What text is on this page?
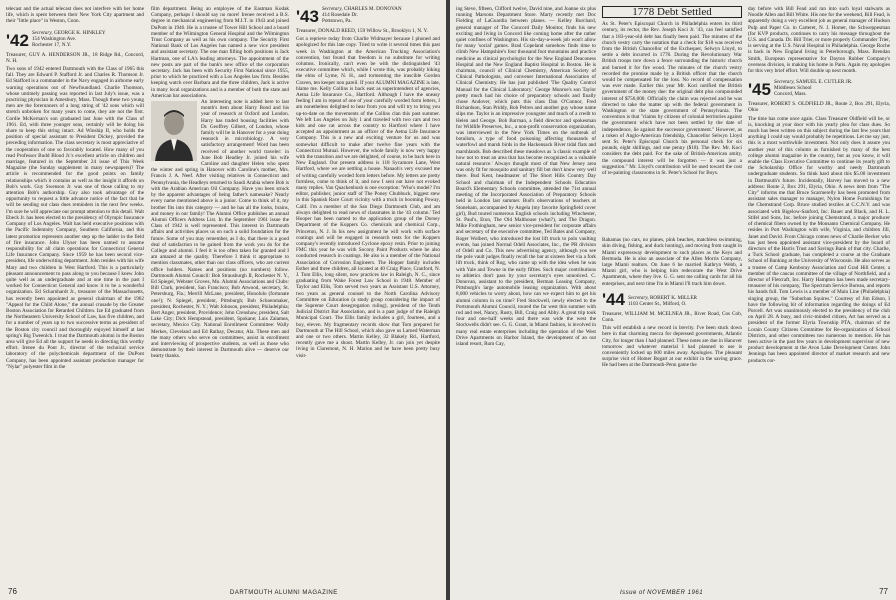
telecast and the actual telecast does not interfere with her home life, which is spent between their New York City apartment and their "little place" in Weston, Conn.
'42 Secretary, GEORGE K. HINKLEY
154 Washington Ave.
Rochester 17, N.Y.
Treasurer, GUY A. HENDERSON JR., 18 Ridge Rd., Concord, N. H.
Two sons of 1942 entered Dartmouth with the Class of 1965 this fall. They are Edward P. Stafford Jr. and Charles R. Thomson Jr. Ed Stafford is a commander in the Navy engaged in airborne early warning operations out of Newfoundland. Charlie Thomson, whose untimely passing was reported in last July's issue, was a practicing physician in Amesbury, Mass. Though these two young men are the forerunners of a long string of '42 sons which will stretch unbroken for many years to come, they are not the first. Cordie McKernan's son graduated last June with the Class of 1961. Ed, with three younger sons, certainly will be doing his share to keep this string intact. Ad Winship II, who holds the position of special assistant to President Dickey, provided the preceding information. The class secretary is most appreciative of the cooperation of one so favorably located. How many of you read Professor Budd Blood Jr.'s excellent article on children and marriage, featured in the September 24 issue of This Week Magazine (the Sunday supplement in many newspapers)? The article is recommended for the good points on family relationships which it contains as well as the insight it affords on Bob's work. Guy Swenson Jr. was one of those calling to my attention Bob's authorship. Guy also took advantage of the opportunity to request a little advance notice of the fact that he will be sending out class dues reminders in the next few weeks. I'm sure he will appreciate our prompt attention to this detail. Walt Ebeck Jr. has been elected to the presidency of Olympic Insurance Company of Los Angeles. Walt has held executive positions with the Pacific Indemnity Company, Southern California, and this latest promotion represents another step up the ladder in the field of fire insurance. John Ulyser has been named to assume responsibility for all claim operations for Connecticut General Life Insurance Company. Since 1959 he has been second vice-president, life underwriting department. John resides with his wife Mary and two children in West Hartford. This is a particularly pleasant announcement to pass along to you because I knew John quite well as an undergraduate and at one time in the past I worked for Connecticut General and know it to be a wonderful organization. Ed Scharnhardt Jr., treasurer of the Massachusetts, has recently been appointed as general chairman of the 1962 "Appeal for the Child Alone," the annual crusade by the Greater Boston Association for Retarded Children. Ize Ed graduated from the Northeastern University School of Law, has five children, and for a number of years up to two successive terms as president of the Boston city council and thoroughly enjoyed himself at last spring's Big Tweenlch. I trust the Dartmouth alumni in the Boston area will give Ed all the support he needs in directing this worthy effort. Irenee du Pont Jr., director of the technical service laboratory of the polychemicals department of the DuPont Company, has been appointed assistant production manager for "Nylar" polyester film in the
film department. Being an employee of the Eastman Kodak Company, perhaps I should say no more! Irenee received a B.S. degree in mechanical engineering from M.I.T. in 1943 and joined DuPont in 1946. He is a trustee of Tower Hill School and a board member of the Wilmington General Hospital and the Wilmington Trust Company as well as his own company. The Security First National Bank of Los Angeles has named a new vice president and assistant secretary. The one man filling both positions is Jack Hartman, one of LA's leading attorneys. The appointment of the new posts are part of the bank's new office of the corporation secretary. Jack has been with Security First National since 1955, prior to which he practiced with a Los Angeles law firm. Besides keeping watch over Barbara and the three children, Jack is active in many local organizations and is a member of both the state and American bar associations.
An interesting note is added here to last month's item about Harry Bond and his year of research at Oxford and London. Harry has traded housing facilities with Dr. Geoffrey Gilbert, of London, whose family will be in Hanover for a year doing research in microbiology. A very satisfactory arrangement! Word has been received of another world traveler: in June Bob Headley Jr. joined his wife Caroline and daughter Helen who spent the winter and spring in Hanover with Caroline's mother, Mrs. Francis J. A. Neef. After visiting relatives in Connecticut and Pennsylvania, the Headleys returned to Saudi Arabia where Bob is with the Arabian American Oil Company. Have you been struck by the apparent advantages of being father's namesake? Nearly every name mentioned above is a junior. Come to think of it, my brother fits into this category — and he has all the looks, brains, and money in our family! The Alumni Office publishes an annual Alumni Officers Address List. In the September 1961 issue the Class of 1942 is well represented. This interest in Dartmouth affairs and activities places us on such a solid foundation for the future. Some of you may remember, as I do, that there is a good deal of satisfaction to be gained from the work you do for the College and alumni. I feel it is too often taken for granted and I am amazed at the quality. Therefore I think it appropriate to mention classmates, other than our class officers, who are current office holders. Names and positions (no numbers) follow. Dartmouth Alumni Council: Bob Strausburgh II, Rochester N. Y., Ed Spiegel, Webster Groves, Mo. Alumni Associations and Clubs: Bill Clark, president, San Francisco; Bob Atwood, secretary, St. Petersburg, Fla.; Merrill McLane, president, Honolulu (fortunate one!); N. Spiegel, president, Pittsburgh; Bob Schoenmaker, president, Rochester, N. Y.; Walt Johnson, president, Philadelphia; Bert Anger, president, Providence; John Crenshaw, president, Salt Lake City; Dick Hempstead, president, Spokane; Luis Zalamea, secretary, Mexico City. National Enrollment Committee: Wally Merkes, Cleveland and Ed Rathay, Decatur, Ala. These men and the many others who serve on committees, assist in enrollment and interviewing of prospective students, as well as those who demonstrate by their interest in Dartmouth alive — deserve our hearty thanks.
'43 Secretary, CHARLES M. DONOVAN
414 Rosedale Dr.
Pottstown, Pa.
Treasurer, DONALD REED, 159 Willow St., Brooklyn 1, N. Y.
Got a reprieve today from Charlie Widmayer because I phoned and apologized for this late copy. Tried to write it several times this past week in Washington at the American Trucking Association's convention, but found that freedom is no substitute for writing columns. Ironically, can't even be with the distinguished '43 executive committee which, while I wrote this, was probably hiking the elms of Lyme, N. H., and tormenting the irascible Gordon Craven, ten keeper non pareil. If your ALUMNI MAGAZINE is late, blame me. Kelly Collins is back east as superintendent of agencies, Aetna Life Insurance Co., Hartford. Although I have the uneasy feeling I am in repeat of one of your carefully worded form letters, I am nonetheless delighted to hear from you and will try to bring you up-to-date on the movements of the Collins clan this past summer. We left Los Angeles on July 1 and traveled with two cars and two kids and one cat across the country to Hartford where I have accepted an appointment as an officer of the Aetna Life Insurance Company. This is a new and exciting venture for us and was somewhat difficult to make after twelve fine years with the Connecticut Mutual. However, the whole family is now very happy with the transition and we are delighted, of course, to be back here in New England. Our present address is 118 Sycamore Lane, West Hartford, where we are settling a house. Nanaoh's very excused me of writing carefully worded form letters before. My letters are pretty formless, come to think of it, and now I sent out have not evoked many replies. Van Quackenbush is one exception: 'Who's model? I'm editor, publisher, junior staff of The Poney Chubbuck, biggest stew in this Spanish Race Court vicinity with a truck in booming Poway, Calif. I'm a member of the San Diego Dartmouth Club, and am always delighted to read news of classmates in the '43 column.' Ted Hooper has been named to the application group of the Dorsey Department of the Koppers Co. chemicals and chemical Corp., Princeton, N. J. In his new assignment he will work with surface coatings and will be engaged in research tests for the Koppers company's recently introduced Cyclone epoxy resin. Prior to joining FMC this year he was with Socony Paint Products where he also conducted research in coatings. He also is a member of the National Association of Corrosion Engineers. The Hopper family includes Esther and three children, all located at 40 Craig Place, Cranford, N. J. Tom Ellis, long silent, now practices law in Raleigh, N. C., since graduating from Wake Forest Law School in 1948. Member of Taylor and Ellis, Tom served two years as Assistant U.S. Attorney, two years as general counsel to the North Carolina Advisory Committee on Education (a study group considering the impact of the Supreme Court desegregation ruling), president of the Tenth Judicial District Bar Association, and is a past judge of the Raleigh Municipal Court. The Ellis family includes a girl, fourteen, and a boy, eleven. My fragmentary records show that Tom prepared for Dartmouth at The Hill School, which also gave us Larned Waterman and one or two others. Martin Kelley, 32 Blakely Rd., Hartford, recently gave me a shout. Martin Kelley, Jr. can join yet despite living in Claremont, N. H. Marion and he have been pretty busy visit-
76	DARTMOUTH ALUMNI MAGAZINE
ing Steve, fifteen, Clifford twelve, David nine, and Joanne six plus running Marsons Department Store. Marty recently met Doc Fielding of LaGuardia between planes. — Kelley Burchard, general manager of The Concord Daily Monitor, finds his new exciting and living in Concord like coming home after the rather quiet confines of Washington. His six-day-a-week job won't allow for many 'social' games. Brad Copeland somehow finds time to climb New Hampshire's four thousand foot mountains and practice medicine as clinical psychologist for the New England Deaconess Hospital and the New England Baptist Hospital in Boston. He is chairman, council of Clinical Chemistry, American Society of Clinical Pathologists, and convener International Association of Clinical Chemistry. He has just published 'The Quality Control Manual for the Clinical Laboratory.' George Munroe's son Taylor pretty much had his choice of preparatory schools and finally chose Andover, which puts this class Dan O'Connor, Fred Richardson, Stan Priddy, Bob Pelren and another guy whose name slips me. Taylor is an impressive youngster and much of a credit to Helen and George. Bob Barrnan, a field director and spokesman for Wildlife Preserves, Inc., a non-profit conservation organization, was interviewed in the New York Times on the outbreak of botulism, a type of food poisoning affecting thousands of waterfowl and marsh birds in the Hackensack River tidal flats and marshlands. Bob described these meadows as 'a classic example of how not to treat an area that has become recognized as a valuable natural resource.' Always thought most of that New Jersey area was only fit for mosquito and sanitary fill but don't know very well there. Bud Kent, headmaster of The Short Hills Country Day School and chairman of the Independent Schools Education Board's Elementary Schools committee, attended the 71st annual meeting of the Incorporated Association of Preparatory Schools held in London last summer. Bud's observations of teachers at Stoneham, accompanied by Angela (my favorite Springfield cover girl), Bud toured numerous English schools including Winchester, St. Paul's, Eton, The Old Malthouse (what?), and The Dragon. Mike Frothingham, new senior vice-president for corporate affairs and secretary of the executive committee, Ted Bates and Company, Roger Wolbert, who introduced the lost lift truck to polo vaulting events, has joined Normal Odell Associates, Inc., the PR division of Odell and Co. This new advertising agency, although you see the pole vault judges finally recall the bar at sixteen feet via a fork lift truck, think of Rog, who came up with the idea when he was with Yale and Towne in the early fifties. Such major contributions to athletics don't pass by your secretary's eyes unnoticed. C. Donovan, assistant to the president, Berman Leasing Company, Pittsburgh's large automobile leasing organization. With about 8,000 vehicles to worry about, how can we expect him to get his alumni column in on time? Fred Stockwell, newly elected to the Portsmouth Alumni Council, toured the far west this summer with rod and reel, Nancy, Rusty, Bill, Craig and Abby. A great trip took four and one-half weeks and there was wide the west the Stockwells didn't see. G. G. Grant, in Miami fashion, is involved in many real estate enterprises including the operation of the West Drive Apartments on Harbor Island, the development of an out island resort, Rum Cay,
1778 Debt Settled
As St. Peter's Episcopal Church in Philadelphia enters its third century, its rector, the Rev. Joseph Koci Jr. '43, can feel satisfied that a 183-year-old debt has finally been paid. The minutes of the church vestry carry the notation that a check for $18 was received from the British Chancellor of the Exchequer, Selwyn Lloyd, to settle a debt incurred in 1778. During the Revolutionary War British troops tore down a fence surrounding the historic church and burned it for fire wood. The minutes of the church vestry recorded the promise made by a British officer that the church would be compensated for the loss. No record of compensation was ever made. Earlier this year Mr. Koci notified the British government of the money due: the original debt plus compounded interest of $756,000. Officially the claim was rejected and he was directed to take the matter up with the federal government in Washington or the state government of Pennsylvania. The convention is that "claims by citizens of colonial territories against the government which have not been settled by the date of independence, lie against the successor government." However, as a token of Anglo-American friendship, Chancellor Selwyn Lloyd sent St. Peter's Episcopal Church his personal check for six pounds, eight shillings, and one penny ($18). The Rev. Mr. Koci considers the debt paid. For the sake of British-American amity, the compound interest will be forgotten — it was just a suggestion." Mr. Lloyd's contribution will be used toward the cost of re-painting classrooms in St. Peter's School for Boys.
Bahamas (no cars, no planes, pink beaches, matchless swimming, skin diving, fishing, and duck hunting), and moving from caught in Miami expressway development to such places as the Keys and Bermuda. He is also an associate of the Allen Morris Company, large Miami realtors. On June 6 he married Kathryn Webb, a Miami girl, who is helping him redecorate the West Drive Apartments, where they live. G. G. sent me calling cards for all his enterprises, and next time I'm in Miami I'll track him down.
'44 Secretary, ROBERT K. MILLER
1103 Center St., Milford, O.
Treasurer, WILLIAM M. MCELNEA JR., River Road, Cos Cob, Conn.
This will establish a new record in brevity. I've been stuck down here in that charming mecca for depressed governments, Atlantic City, for longer than I had planned. These notes are due in Hanover tomorrow and whatever material I had planned to use is conveniently locked up 600 miles away. Apologies. The pleasant surprise visit of Homer Bogart at our exhibit in the saving grace. He had been at the Dartmouth-Penn game the
day before with Bill Fead and ran into such loyal stalwarts as Noodle Allen and Bill White. His one for the weekend, Bill Fead, is apparently doing a very excellent job as general manager of Hudson Pulp and Paper Co. in Carteret, N. J. Homer, the Schweppesman (for KVP products, continues to carry his message throughout the U.S. and Canada. Dr. Bill Trier, or more properly Commander Trier, is serving at the U.S. Naval Hospital in Philadelphia. George Roche is back in New England living in Peterborough, Mass. Brendan Smith, European representative for Dayton Rubber Company's overseas division, is making his home in Paris. Again my apologies for this very brief effort. Will double up next month.
'45 Secretary, SAMUEL E. CUTLER JR.
Middlesex School
Concord, Mass.
Treasurer, ROBERT S. OLDFIELD JR., Route 2, Box 291, Elyria, Ohio
The time has come once again. Class Treasurer Oldfield will be, or is, knocking at your door with his yearly plea for class dues. So much has been written on this subject during the last few years that anything I could say would probably be repetitious. Let me say just, this is a most worthwhile investment. Not only does it assure you another year of this column as furnished by many of the best college alumni magazine in the country, but as you know, it will enable the Class Executive Committee to continue its yearly gift to the Scholarship Office for worthy and needy Dartmouth undergraduate students. So think hard about this $5.00 investment in Dartmouth's future. Incidentally, Harvey has moved to a new address: Route 2, Box 291, Elyria, Ohio. A news item from "The City" informs me that Bruce Scarmerelly has been promoted from assistant sales manager to manager, Nylon Home Furnishings for the Chemstrand Corp. Bruce studied textiles at C.C.N.Y. and was associated with Bigelow-Sanford, Inc. Bauer and Black, and H. L. Stifel and Sons, Inc. before joining Chemstrand, a major producer of chemical fibers owned by the Monsanto Chemical Company. He resides in Port Washington with wife, Virginia, and children Jill, Janet and David. From Chicago comes news of Charlie Becker who has just been appointed assistant vice-president by the board of directors of the Harris Trust and Savings Bank of that city. Charlie, a Tuck School graduate, has completed a course at the Graduate School of Banking at the University of Wisconsin. He also serves as a trustee of Camp Kenboray Association and Grad Hill Center, a member of the caucus committee of the village of Northfield, and a director of Fletcraft, Inc. Harry Hampton has been made secretary-treasurer of his company, The Spectrum Service Bureau, and reports his hands full. Tom Lewis is a member of Main Line (Philadelphia) singing group, the "Suburban Squires." Courtesy of Jim Edson, I have the following bit of information regarding the doings of Ed Purcell. Art was unanimously elected to the presidency of the club on April 28. A busy, and civic-minded citizen, Art has served as a president of the former Elyria Township PTA, chairman of the Lorain County Citizens Committee for Re-organization of School Districts, and other committees too numerous to mention. He has been active in the past few years in development supervisor of new product development at the Avon Lake Development Center. John Jennings has been appointed director of market research and new products cor-
Issue of NOVEMBER 1961	77
